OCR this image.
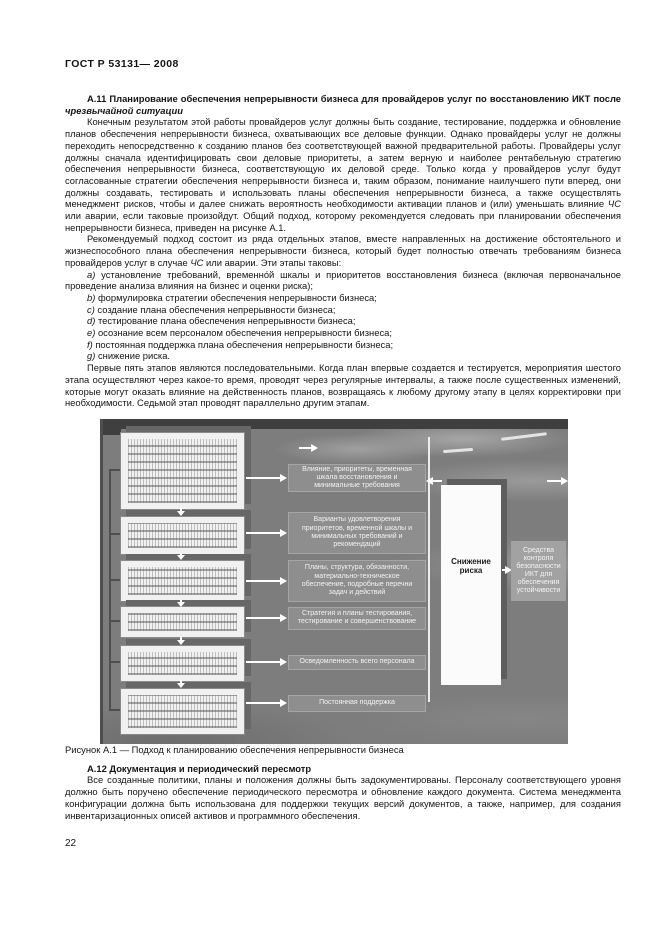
ГОСТ Р 53131— 2008

А.11 Планирование обеспечения непрерывности бизнеса для провайдеров услуг по восстановлению ИКТ после чрезвычайной ситуации

Конечным результатом этой работы провайдеров услуг должны быть создание, тестирование, поддержка и обновление планов обеспечения непрерывности бизнеса, охватывающих все деловые функции. Однако провайдеры услуг не должны переходить непосредственно к созданию планов без соответствующей важной предварительной работы. Провайдеры услуг должны сначала идентифицировать свои деловые приоритеты, а затем верную и наиболее рентабельную стратегию обеспечения непрерывности бизнеса, соответствующую их деловой среде. Только когда у провайдеров услуг будут согласованные стратегии обеспечения непрерывности бизнеса и, таким образом, понимание наилучшего пути вперед, они должны создавать, тестировать и использовать планы обеспечения непрерывности бизнеса, а также осуществлять менеджмент рисков, чтобы и далее снижать вероятность необходимости активации планов и (или) уменьшать влияние ЧС или аварии, если таковые произойдут. Общий подход, которому рекомендуется следовать при планировании обеспечения непрерывности бизнеса, приведен на рисунке А.1.

Рекомендуемый подход состоит из ряда отдельных этапов, вместе направленных на достижение обстоятельного и жизнеспособного плана обеспечения непрерывности бизнеса, который будет полностью отвечать требованиям бизнеса провайдеров услуг в случае ЧС или аварии. Эти этапы таковы:

a) установление требований, временно́й шкалы и приоритетов восстановления бизнеса (включая первоначальное проведение анализа влияния на бизнес и оценки риска);

b) формулировка стратегии обеспечения непрерывности бизнеса;

c) создание плана обеспечения непрерывности бизнеса;

d) тестирование плана обеспечения непрерывности бизнеса;

e) осознание всем персоналом обеспечения непрерывности бизнеса;

f) постоянная поддержка плана обеспечения непрерывности бизнеса;

g) снижение риска.

Первые пять этапов являются последовательными. Когда план впервые создается и тестируется, мероприятия шестого этапа осуществляют через какое-то время, проводят через регулярные интервалы, а также после существенных изменений, которые могут оказать влияние на действенность планов, возвращаясь к любому другому этапу в целях корректировки при необходимости. Седьмой этап проводят параллельно другим этапам.

Влияние, приоритеты, временная шкала восстановления и минимальные требования
Варианты удовлетворения приоритетов, временной шкалы и минимальных требований и рекомендаций
Планы, структура, обязанности, материально-техническое обеспечение, подробные перечни задач и действий
Стратегия и планы тестирования, тестирование и совершенствование
Осведомленность всего персонала
Постоянная поддержка
Снижение риска
Средства контроля безопасности ИКТ для обеспечения устойчивости

Рисунок А.1 — Подход к планированию обеспечения непрерывности бизнеса

А.12 Документация и периодический пересмотр

Все созданные политики, планы и положения должны быть задокументированы. Персоналу соответствующего уровня должно быть поручено обеспечение периодического пересмотра и обновление каждого документа. Система менеджмента конфигурации должна быть использована для поддержки текущих версий документов, а также, например, для создания инвентаризационных описей активов и программного обеспечения.

22
